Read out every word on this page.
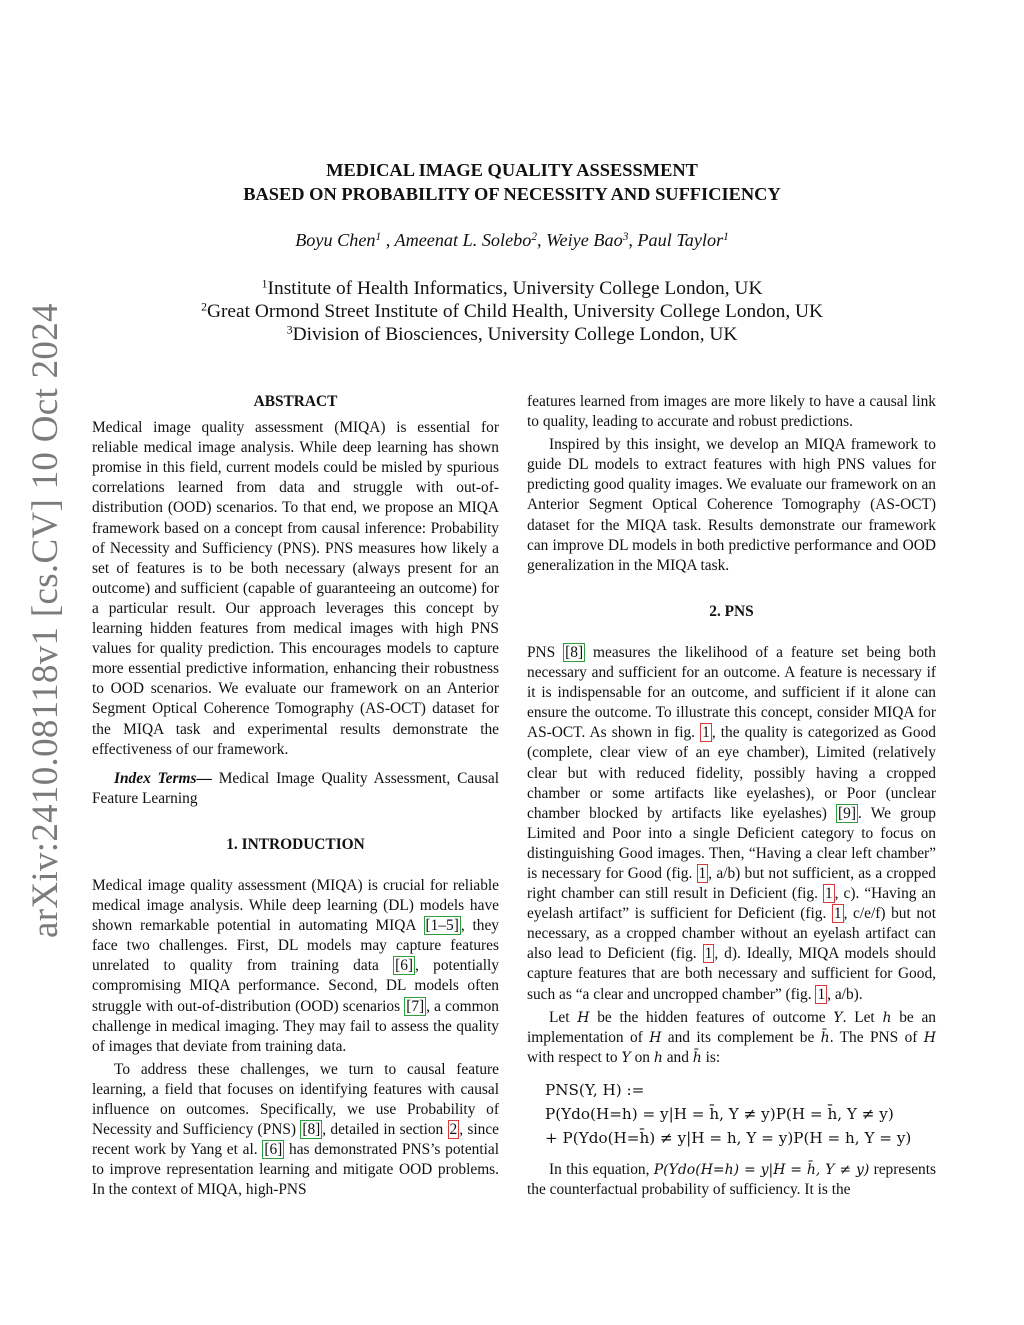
arXiv:2410.08118v1 [cs.CV] 10 Oct 2024
MEDICAL IMAGE QUALITY ASSESSMENT
BASED ON PROBABILITY OF NECESSITY AND SUFFICIENCY
Boyu Chen$^1$ , Ameenat L. Solebo$^2$, Weiye Bao$^3$, Paul Taylor$^1$
$^1$Institute of Health Informatics, University College London, UK
$^2$Great Ormond Street Institute of Child Health, University College London, UK
$^3$Division of Biosciences, University College London, UK

ABSTRACT

Medical image quality assessment (MIQA) is essential for reliable medical image analysis. While deep learning has shown promise in this field, current models could be misled by spurious correlations learned from data and struggle with out-of-distribution (OOD) scenarios. To that end, we propose an MIQA framework based on a concept from causal inference: Probability of Necessity and Sufficiency (PNS). PNS measures how likely a set of features is to be both necessary (always present for an outcome) and sufficient (capable of guaranteeing an outcome) for a particular result. Our approach leverages this concept by learning hidden features from medical images with high PNS values for quality prediction. This encourages models to capture more essential predictive information, enhancing their robustness to OOD scenarios. We evaluate our framework on an Anterior Segment Optical Coherence Tomography (AS-OCT) dataset for the MIQA task and experimental results demonstrate the effectiveness of our framework.

Index Terms— Medical Image Quality Assessment, Causal Feature Learning

1. INTRODUCTION

Medical image quality assessment (MIQA) is crucial for reliable medical image analysis. While deep learning (DL) models have shown remarkable potential in automating MIQA [1–5] , they face two challenges. First, DL models may capture features unrelated to quality from training data [6] , potentially compromising MIQA performance. Second, DL models often struggle with out-of-distribution (OOD) scenarios [7] , a common challenge in medical imaging. They may fail to assess the quality of images that deviate from training data.

To address these challenges, we turn to causal feature learning, a field that focuses on identifying features with causal influence on outcomes. Specifically, we use Probability of Necessity and Sufficiency (PNS) [8] , detailed in section 2 , since recent work by Yang et al. [6] has demonstrated PNS’s potential to improve representation learning and mitigate OOD problems. In the context of MIQA, high-PNS

features learned from images are more likely to have a causal link to quality, leading to accurate and robust predictions.

Inspired by this insight, we develop an MIQA framework to guide DL models to extract features with high PNS values for predicting good quality images. We evaluate our framework on an Anterior Segment Optical Coherence Tomography (AS-OCT) dataset for the MIQA task. Results demonstrate our framework can improve DL models in both predictive performance and OOD generalization in the MIQA task.

2. PNS

PNS [8] measures the likelihood of a feature set being both necessary and sufficient for an outcome. A feature is necessary if it is indispensable for an outcome, and sufficient if it alone can ensure the outcome. To illustrate this concept, consider MIQA for AS-OCT. As shown in fig. 1 , the quality is categorized as Good (complete, clear view of an eye chamber), Limited (relatively clear but with reduced fidelity, possibly having a cropped chamber or some artifacts like eyelashes), or Poor (unclear chamber blocked by artifacts like eyelashes) [9] . We group Limited and Poor into a single Deficient category to focus on distinguishing Good images. Then, “Having a clear left chamber” is necessary for Good (fig. 1 , a/b) but not sufficient, as a cropped right chamber can still result in Deficient (fig. 1 , c). “Having an eyelash artifact” is sufficient for Deficient (fig. 1 , c/e/f) but not necessary, as a cropped chamber without an eyelash artifact can also lead to Deficient (fig. 1 , d). Ideally, MIQA models should capture features that are both necessary and sufficient for Good, such as “a clear and uncropped chamber” (fig. 1 , a/b).

Let H be the hidden features of outcome Y. Let h be an implementation of H and its complement be h̄. The PNS of H with respect to Y on h and h̄ is:

PNS(Y, H) :=

P(Ydo(H=h) = y|H = h̄, Y ≠ y)P(H = h̄, Y ≠ y)

+ P(Ydo(H=h̄) ≠ y|H = h, Y = y)P(H = h, Y = y)

In this equation, P(Ydo(H=h) = y|H = h̄, Y ≠ y) represents the counterfactual probability of sufficiency. It is the
